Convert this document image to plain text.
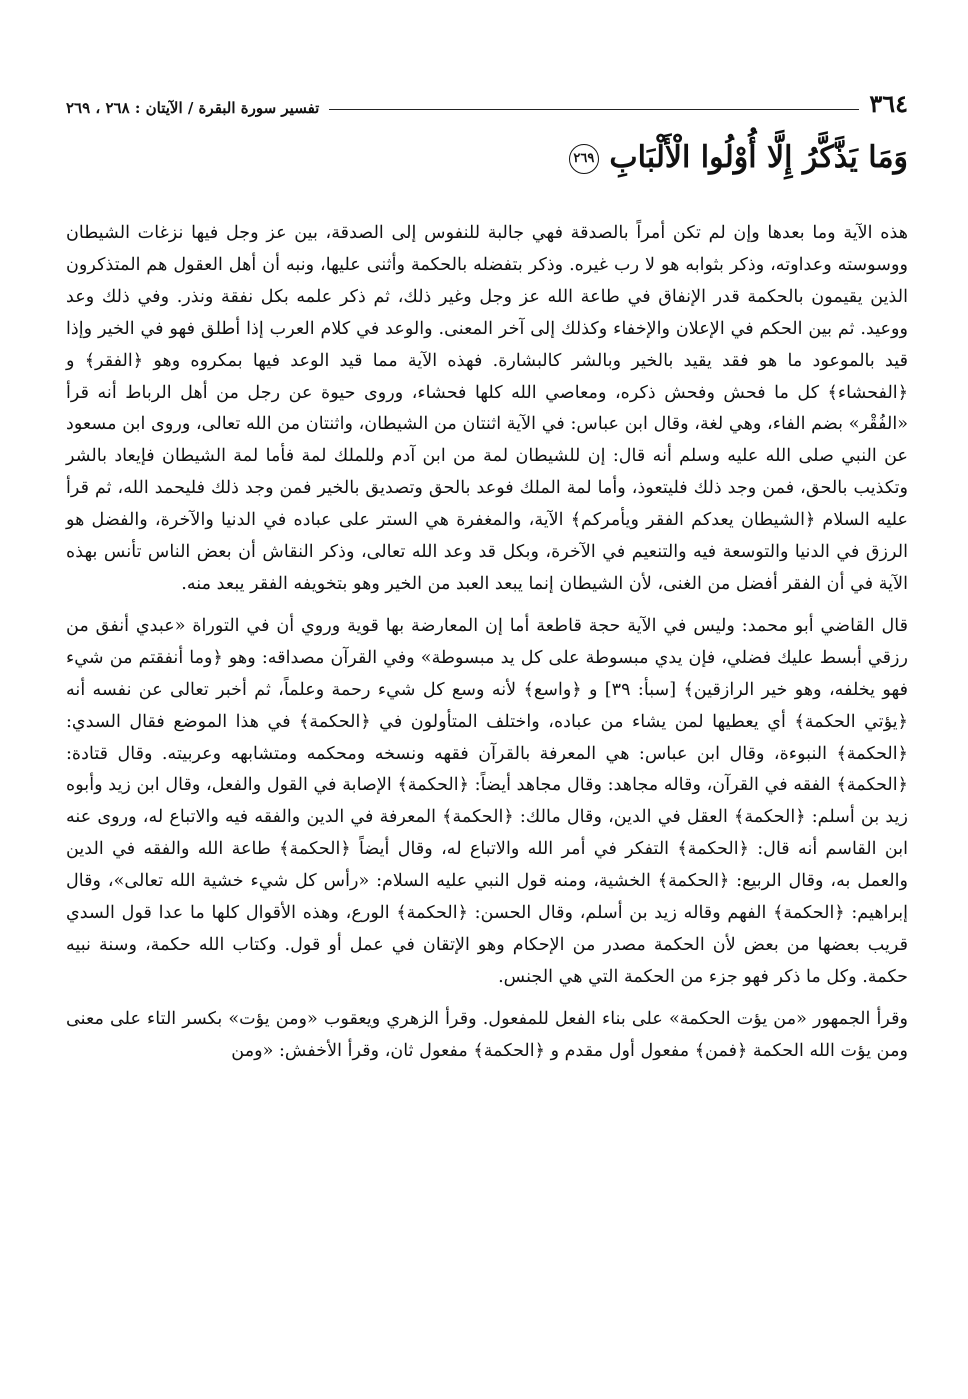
٣٦٤
تفسير سورة البقرة / الآيتان : ٢٦٨ ، ٢٦٩
وَمَا يَذَّكَّرُ إِلَّا أُوْلُوا الْأَلْبَابِ ٢٦٩

هذه الآية وما بعدها وإن لم تكن أمراً بالصدقة فهي جالبة للنفوس إلى الصدقة، بين عز وجل فيها نزغات الشيطان ووسوسته وعداوته، وذكر بثوابه هو لا رب غيره. وذكر بتفضله بالحكمة وأثنى عليها، ونبه أن أهل العقول هم المتذكرون الذين يقيمون بالحكمة قدر الإنفاق في طاعة الله عز وجل وغير ذلك، ثم ذكر علمه بكل نفقة ونذر. وفي ذلك وعد ووعيد. ثم بين الحكم في الإعلان والإخفاء وكذلك إلى آخر المعنى. والوعد في كلام العرب إذا أطلق فهو في الخير وإذا قيد بالموعود ما هو فقد يقيد بالخير وبالشر كالبشارة. فهذه الآية مما قيد الوعد فيها بمكروه وهو ﴿الفقر﴾ و ﴿الفحشاء﴾ كل ما فحش وفحش ذكره، ومعاصي الله كلها فحشاء، وروى حيوة عن رجل من أهل الرباط أنه قرأ «الفُقْر» بضم الفاء، وهي لغة، وقال ابن عباس: في الآية اثنتان من الشيطان، واثنتان من الله تعالى، وروى ابن مسعود عن النبي صلى الله عليه وسلم أنه قال: إن للشيطان لمة من ابن آدم وللملك لمة فأما لمة الشيطان فإيعاد بالشر وتكذيب بالحق، فمن وجد ذلك فليتعوذ، وأما لمة الملك فوعد بالحق وتصديق بالخير فمن وجد ذلك فليحمد الله، ثم قرأ عليه السلام ﴿الشيطان يعدكم الفقر ويأمركم﴾ الآية، والمغفرة هي الستر على عباده في الدنيا والآخرة، والفضل هو الرزق في الدنيا والتوسعة فيه والتنعيم في الآخرة، وبكل قد وعد الله تعالى، وذكر النقاش أن بعض الناس تأنس بهذه الآية في أن الفقر أفضل من الغنى، لأن الشيطان إنما يبعد العبد من الخير وهو بتخويفه الفقر يبعد منه.

قال القاضي أبو محمد: وليس في الآية حجة قاطعة أما إن المعارضة بها قوية وروي أن في التوراة «عبدي أنفق من رزقي أبسط عليك فضلي، فإن يدي مبسوطة على كل يد مبسوطة» وفي القرآن مصداقه: وهو ﴿وما أنفقتم من شيء فهو يخلفه، وهو خير الرازقين﴾ [سبأ: ٣٩] و ﴿واسع﴾ لأنه وسع كل شيء رحمة وعلماً، ثم أخبر تعالى عن نفسه أنه ﴿يؤتي الحكمة﴾ أي يعطيها لمن يشاء من عباده، واختلف المتأولون في ﴿الحكمة﴾ في هذا الموضع فقال السدي: ﴿الحكمة﴾ النبوءة، وقال ابن عباس: هي المعرفة بالقرآن فقهه ونسخه ومحكمه ومتشابهه وعربيته. وقال قتادة: ﴿الحكمة﴾ الفقه في القرآن، وقاله مجاهد: وقال مجاهد أيضاً: ﴿الحكمة﴾ الإصابة في القول والفعل، وقال ابن زيد وأبوه زيد بن أسلم: ﴿الحكمة﴾ العقل في الدين، وقال مالك: ﴿الحكمة﴾ المعرفة في الدين والفقه فيه والاتباع له، وروى عنه ابن القاسم أنه قال: ﴿الحكمة﴾ التفكر في أمر الله والاتباع له، وقال أيضاً ﴿الحكمة﴾ طاعة الله والفقه في الدين والعمل به، وقال الربيع: ﴿الحكمة﴾ الخشية، ومنه قول النبي عليه السلام: «رأس كل شيء خشية الله تعالى»، وقال إبراهيم: ﴿الحكمة﴾ الفهم وقاله زيد بن أسلم، وقال الحسن: ﴿الحكمة﴾ الورع، وهذه الأقوال كلها ما عدا قول السدي قريب بعضها من بعض لأن الحكمة مصدر من الإحكام وهو الإتقان في عمل أو قول. وكتاب الله حكمة، وسنة نبيه حكمة. وكل ما ذكر فهو جزء من الحكمة التي هي الجنس.

وقرأ الجمهور «من يؤت الحكمة» على بناء الفعل للمفعول. وقرأ الزهري ويعقوب «ومن يؤت» بكسر التاء على معنى ومن يؤت الله الحكمة ﴿فمن﴾ مفعول أول مقدم و ﴿الحكمة﴾ مفعول ثان، وقرأ الأخفش: «ومن
